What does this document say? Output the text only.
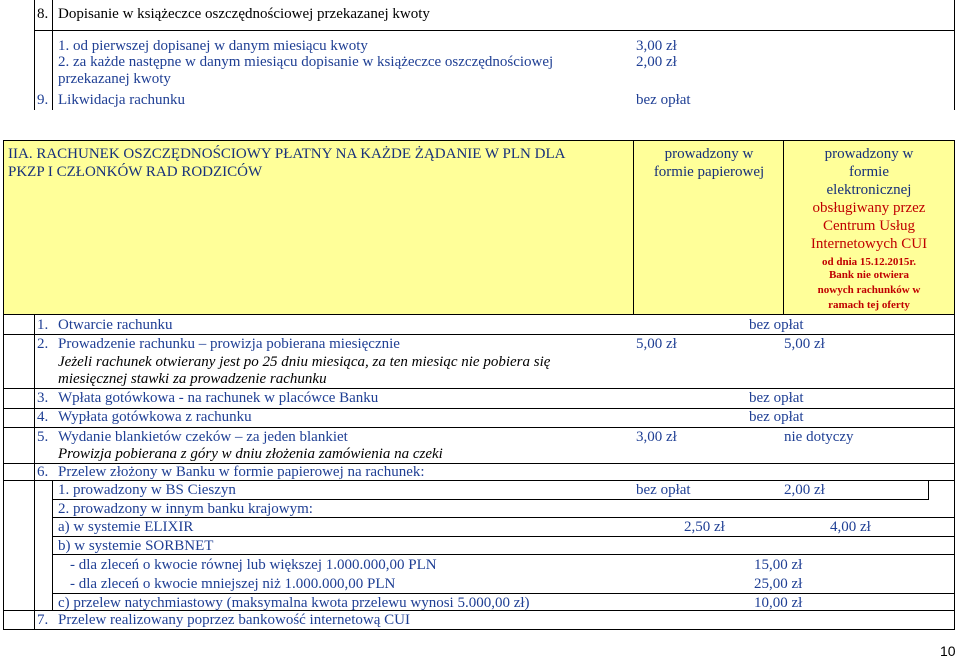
8. Dopisanie w książeczce oszczędnościowej przekazanej kwoty
1. od pierwszej dopisanej w danym miesiącu kwoty	3,00 zł
2. za każde następne w danym miesiącu dopisanie w książeczce oszczędnościowej	2,00 zł
przekazanej kwoty
9. Likwidacja rachunku	bez opłat
IIA. RACHUNEK OSZCZĘDNOŚCIOWY PŁATNY NA KAŻDE ŻĄDANIE W PLN DLA
PKZP I CZŁONKÓW RAD RODZICÓW
prowadzony w
formie papierowej
prowadzony w
formie
elektronicznej
obsługiwany przez
Centrum Usług
Internetowych CUI
od dnia 15.12.2015r.
Bank nie otwiera
nowych rachunków w
ramach tej oferty
1. Otwarcie rachunku	bez opłat
2. Prowadzenie rachunku – prowizja pobierana miesięcznie	5,00 zł	5,00 zł
Jeżeli rachunek otwierany jest po 25 dniu miesiąca, za ten miesiąc nie pobiera się
miesięcznej stawki za prowadzenie rachunku
3. Wpłata gotówkowa - na rachunek w placówce Banku	bez opłat
4. Wypłata gotówkowa z rachunku	bez opłat
5. Wydanie blankietów czeków – za jeden blankiet	3,00 zł	nie dotyczy
Prowizja pobierana z góry w dniu złożenia zamówienia na czeki
6. Przelew złożony w Banku w formie papierowej na rachunek:
1. prowadzony w BS Cieszyn	bez opłat	2,00 zł
2. prowadzony w innym banku krajowym:
a) w systemie ELIXIR	2,50 zł	4,00 zł
b) w systemie SORBNET
- dla zleceń o kwocie równej lub większej 1.000.000,00 PLN	15,00 zł
- dla zleceń o kwocie mniejszej niż 1.000.000,00 PLN	25,00 zł
c) przelew natychmiastowy (maksymalna kwota przelewu wynosi 5.000,00 zł)	10,00 zł
7. Przelew realizowany poprzez bankowość internetową CUI
10
